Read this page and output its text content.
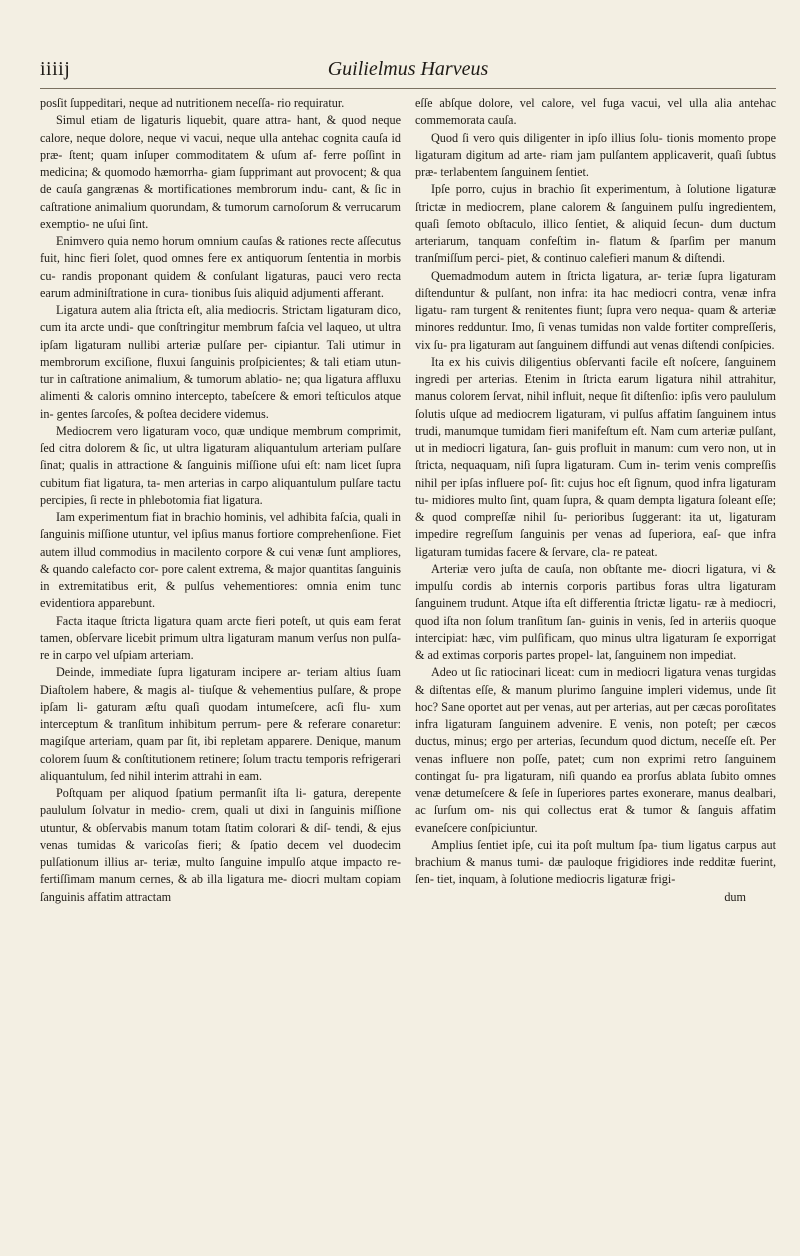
iiiij	Guilielmus Harveus

posſit ſuppeditari, neque ad nutritionem neceſſa- rio requiratur.

Simul etiam de ligaturis liquebit, quare attra- hant, & quod neque calore, neque dolore, neque vi vacui, neque ulla antehac cognita cauſa id præ- ſtent; quam inſuper commoditatem & uſum af- ferre poſſint in medicina; & quomodo hæmorrha- giam ſupprimant aut provocent; & qua de cauſa gangrænas & mortificationes membrorum indu- cant, & ſic in caſtratione animalium quorundam, & tumorum carnoſorum & verrucarum exemptio- ne uſui ſint.

Enimvero quia nemo horum omnium cauſas & rationes recte aſſecutus fuit, hinc fieri ſolet, quod omnes fere ex antiquorum ſententia in morbis cu- randis proponant quidem & conſulant ligaturas, pauci vero recta earum adminiſtratione in cura- tionibus ſuis aliquid adjumenti afferant.

Ligatura autem alia ſtricta eſt, alia mediocris. Strictam ligaturam dico, cum ita arcte undi- que conſtringitur membrum faſcia vel laqueo, ut ultra ipſam ligaturam nullibi arteriæ pulſare per- cipiantur. Tali utimur in membrorum exciſione, fluxui ſanguinis proſpicientes; & tali etiam utun- tur in caſtratione animalium, & tumorum ablatio- ne; qua ligatura affluxu alimenti & caloris omnino intercepto, tabeſcere & emori teſticulos atque in- gentes ſarcoſes, & poſtea decidere videmus.

Mediocrem vero ligaturam voco, quæ undique membrum comprimit, ſed citra dolorem & ſic, ut ultra ligaturam aliquantulum arteriam pulſare ſinat; qualis in attractione & ſanguinis miſſione uſui eſt: nam licet ſupra cubitum fiat ligatura, ta- men arterias in carpo aliquantulum pulſare tactu percipies, ſi recte in phlebotomia fiat ligatura.

Iam experimentum fiat in brachio hominis, vel adhibita faſcia, quali in ſanguinis miſſione utuntur, vel ipſius manus fortiore comprehenſione. Fiet autem illud commodius in macilento corpore & cui venæ ſunt ampliores, & quando calefacto cor- pore calent extrema, & major quantitas ſanguinis in extremitatibus erit, & pulſus vehementiores: omnia enim tunc evidentiora apparebunt.

Facta itaque ſtricta ligatura quam arcte fieri poteſt, ut quis eam ferat tamen, obſervare licebit primum ultra ligaturam manum verſus non pulſa- re in carpo vel uſpiam arteriam.

Deinde, immediate ſupra ligaturam incipere ar- teriam altius ſuam Diaſtolem habere, & magis al- tiuſque & vehementius pulſare, & prope ipſam li- gaturam æſtu quaſi quodam intumeſcere, acſi flu- xum interceptum & tranſitum inhibitum perrum- pere & referare conaretur: magiſque arteriam, quam par ſit, ibi repletam apparere. Denique, manum colorem ſuum & conſtitutionem retinere; ſolum tractu temporis refrigerari aliquantulum, ſed nihil interim attrahi in eam.

Poſtquam per aliquod ſpatium permanſit iſta li- gatura, derepente paululum ſolvatur in medio- crem, quali ut dixi in ſanguinis miſſione utuntur, & obſervabis manum totam ſtatim colorari & diſ- tendi, & ejus venas tumidas & varicoſas fieri; & ſpatio decem vel duodecim pulſationum illius ar- teriæ, multo ſanguine impulſo atque impacto re- fertiſſimam manum cernes, & ab illa ligatura me- diocri multam copiam ſanguinis affatim attractam

eſſe abſque dolore, vel calore, vel fuga vacui, vel ulla alia antehac commemorata cauſa.

Quod ſi vero quis diligenter in ipſo illius ſolu- tionis momento prope ligaturam digitum ad arte- riam jam pulſantem applicaverit, quaſi ſubtus præ- terlabentem ſanguinem ſentiet.

Ipſe porro, cujus in brachio ſit experimentum, à ſolutione ligaturæ ſtrictæ in mediocrem, plane calorem & ſanguinem pulſu ingredientem, quaſi ſemoto obſtaculo, illico ſentiet, & aliquid ſecun- dum ductum arteriarum, tanquam confeſtim in- flatum & ſparſim per manum tranſmiſſum perci- piet, & continuo calefieri manum & diſtendi.

Quemadmodum autem in ſtricta ligatura, ar- teriæ ſupra ligaturam diſtenduntur & pulſant, non infra: ita hac mediocri contra, venæ infra ligatu- ram turgent & renitentes fiunt; ſupra vero nequa- quam & arteriæ minores redduntur. Imo, ſi venas tumidas non valde fortiter compreſſeris, vix ſu- pra ligaturam aut ſanguinem diffundi aut venas diſtendi conſpicies.

Ita ex his cuivis diligentius obſervanti facile eſt noſcere, ſanguinem ingredi per arterias. Etenim in ſtricta earum ligatura nihil attrahitur, manus colorem ſervat, nihil influit, neque ſit diſtenſio: ipſis vero paululum ſolutis uſque ad mediocrem ligaturam, vi pulſus affatim ſanguinem intus trudi, manumque tumidam fieri manifeſtum eſt. Nam cum arteriæ pulſant, ut in mediocri ligatura, ſan- guis profluit in manum: cum vero non, ut in ſtricta, nequaquam, niſi ſupra ligaturam. Cum in- terim venis compreſſis nihil per ipſas influere poſ- ſit: cujus hoc eſt ſignum, quod infra ligaturam tu- midiores multo ſint, quam ſupra, & quam dempta ligatura ſoleant eſſe; & quod compreſſæ nihil ſu- perioribus ſuggerant: ita ut, ligaturam impedire regreſſum ſanguinis per venas ad ſuperiora, eaſ- que infra ligaturam tumidas facere & ſervare, cla- re pateat.

Arteriæ vero juſta de cauſa, non obſtante me- diocri ligatura, vi & impulſu cordis ab internis corporis partibus foras ultra ligaturam ſanguinem trudunt. Atque iſta eſt differentia ſtrictæ ligatu- ræ à mediocri, quod iſta non ſolum tranſitum ſan- guinis in venis, ſed in arteriis quoque intercipiat: hæc, vim pulſificam, quo minus ultra ligaturam ſe exporrigat & ad extimas corporis partes propel- lat, ſanguinem non impediat.

Adeo ut ſic ratiocinari liceat: cum in mediocri ligatura venas turgidas & diſtentas eſſe, & manum plurimo ſanguine impleri videmus, unde ſit hoc? Sane oportet aut per venas, aut per arterias, aut per cæcas poroſitates infra ligaturam ſanguinem advenire. E venis, non poteſt; per cæcos ductus, minus; ergo per arterias, ſecundum quod dictum, neceſſe eſt. Per venas influere non poſſe, patet; cum non exprimi retro ſanguinem contingat ſu- pra ligaturam, niſi quando ea prorſus ablata ſubito omnes venæ detumeſcere & ſeſe in ſuperiores partes exonerare, manus dealbari, ac ſurſum om- nis qui collectus erat & tumor & ſanguis affatim evaneſcere conſpiciuntur.

Amplius ſentiet ipſe, cui ita poſt multum ſpa- tium ligatus carpus aut brachium & manus tumi- dæ pauloque frigidiores inde redditæ fuerint, ſen- tiet, inquam, à ſolutione mediocris ligaturæ frigi-

dum
